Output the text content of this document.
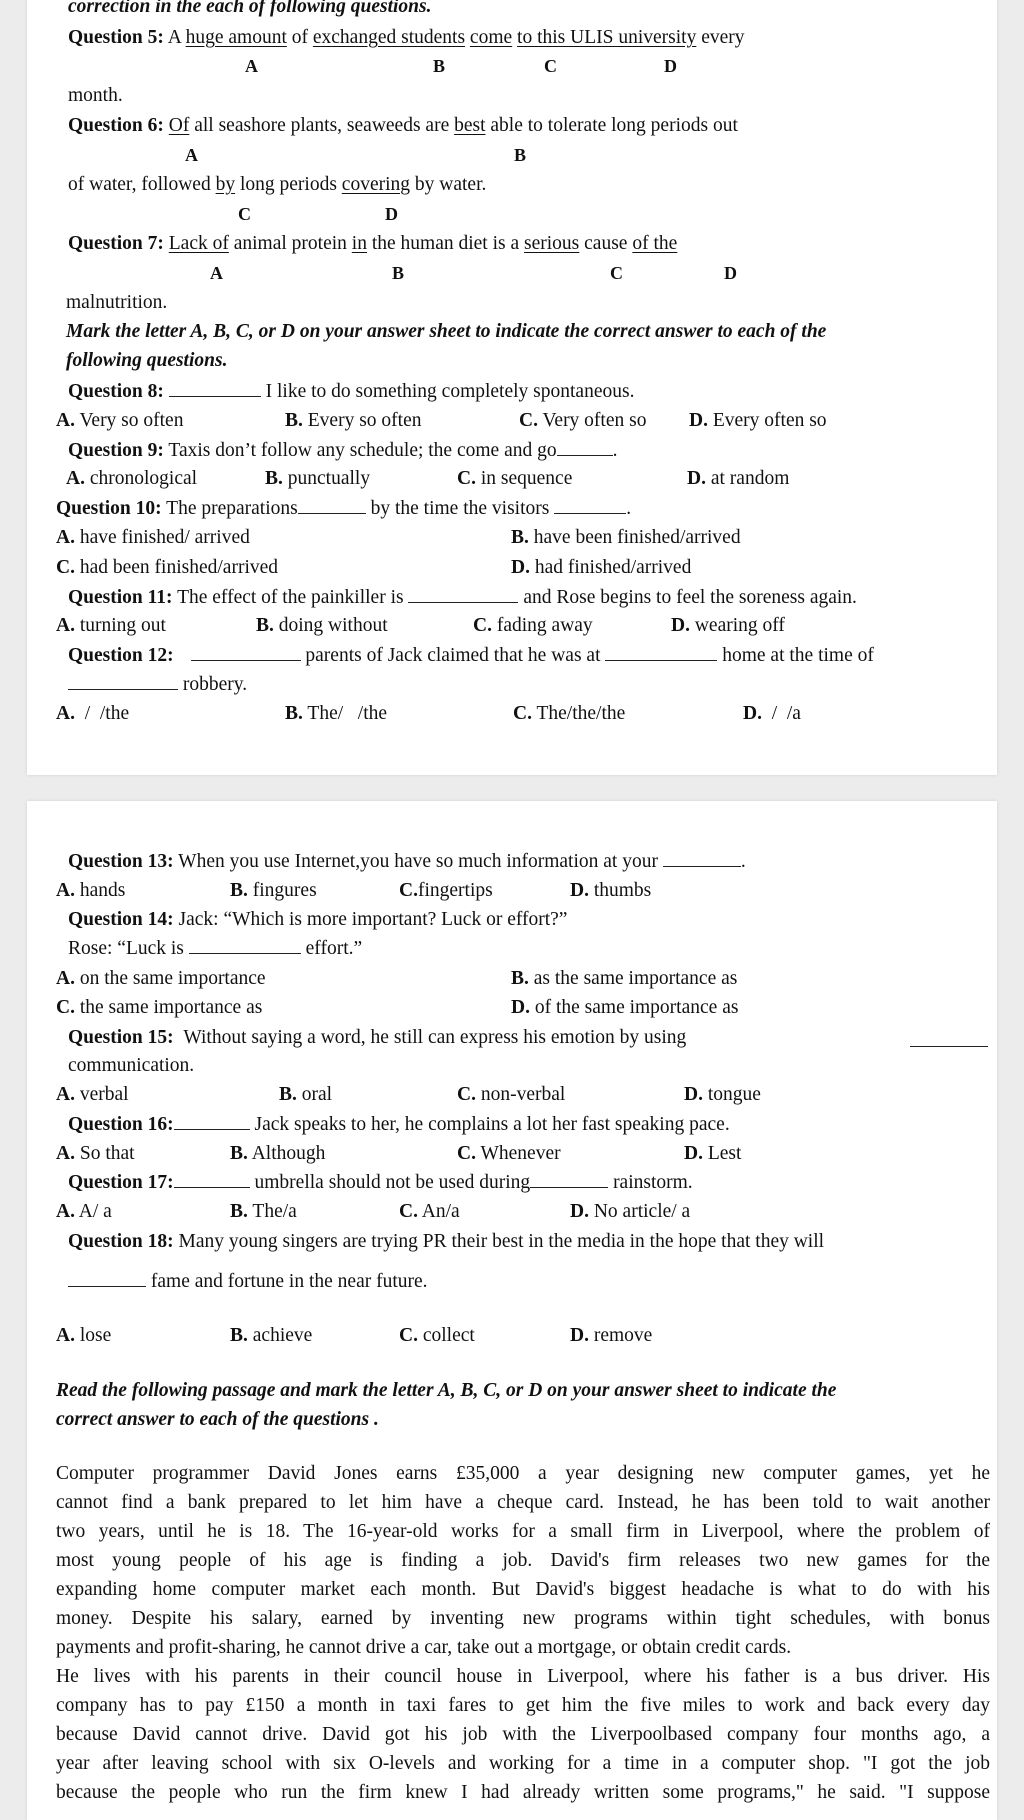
correction in the each of following questions.
Question 5: A huge amount of exchanged students come to this ULIS university every
A	B	C	D
month.
Question 6: Of all seashore plants, seaweeds are best able to tolerate long periods out
A	B
of water, followed by long periods covering by water.
C	D
Question 7: Lack of animal protein in the human diet is a serious cause of the
A	B	C	D
malnutrition.
Mark the letter A, B, C, or D on your answer sheet to indicate the correct answer to each of the
following questions.
Question 8:	I like to do something completely spontaneous.
A. Very so often	B. Every so often	C. Very often so D. Every often so
Question 9: Taxis don’t follow any schedule; the come and go	.
A. chronological	B. punctually	C. in sequence	D. at random
Question 10: The preparations	by the time the visitors	.
A. have finished/ arrived	B. have been finished/arrived
C. had been finished/arrived	D. had finished/arrived
Question 11: The effect of the painkiller is	and Rose begins to feel the soreness again.
A. turning out	B. doing without	C. fading away	D. wearing off
Question 12:	parents of Jack claimed that he was at	home at the time of
robbery.
A.  /  /the	B. The/   /the	C. The/the/the	D.  /  /a
Question 13: When you use Internet,you have so much information at your	.
A. hands	B. fingures	C.fingertips	D. thumbs
Question 14: Jack: “Which is more important? Luck or effort?”
Rose: “Luck is	effort.”
A. on the same importance	B. as the same importance as
C. the same importance as	D. of the same importance as
Question 15: Without saying a word, he still can express his emotion by using
communication.
A. verbal	B. oral	C. non-verbal	D. tongue
Question 16:	Jack speaks to her, he complains a lot her fast speaking pace.
A. So that	B. Although	C. Whenever	D. Lest
Question 17:	umbrella should not be used during	rainstorm.
A. A/ a	B. The/a	C. An/a	D. No article/ a
Question 18: Many young singers are trying PR their best in the media in the hope that they will
fame and fortune in the near future.
A. lose	B. achieve	C. collect	D. remove
Read the following passage and mark the letter A, B, C, or D on your answer sheet to indicate the
correct answer to each of the questions .
Computer programmer David Jones earns £35,000 a year designing new computer games, yet he
cannot find a bank prepared to let him have a cheque card. Instead, he has been told to wait another
two years, until he is 18. The 16-year-old works for a small firm in Liverpool, where the problem of
most young people of his age is finding a job. David's firm releases two new games for the
expanding home computer market each month. But David's biggest headache is what to do with his
money. Despite his salary, earned by inventing new programs within tight schedules, with bonus
payments and profit-sharing, he cannot drive a car, take out a mortgage, or obtain credit cards.
He lives with his parents in their council house in Liverpool, where his father is a bus driver. His
company has to pay £150 a month in taxi fares to get him the five miles to work and back every day
because David cannot drive. David got his job with the Liverpoolbased company four months ago, a
year after leaving school with six O-levels and working for a time in a computer shop. "I got the job
because the people who run the firm knew I had already written some programs," he said. "I suppose
